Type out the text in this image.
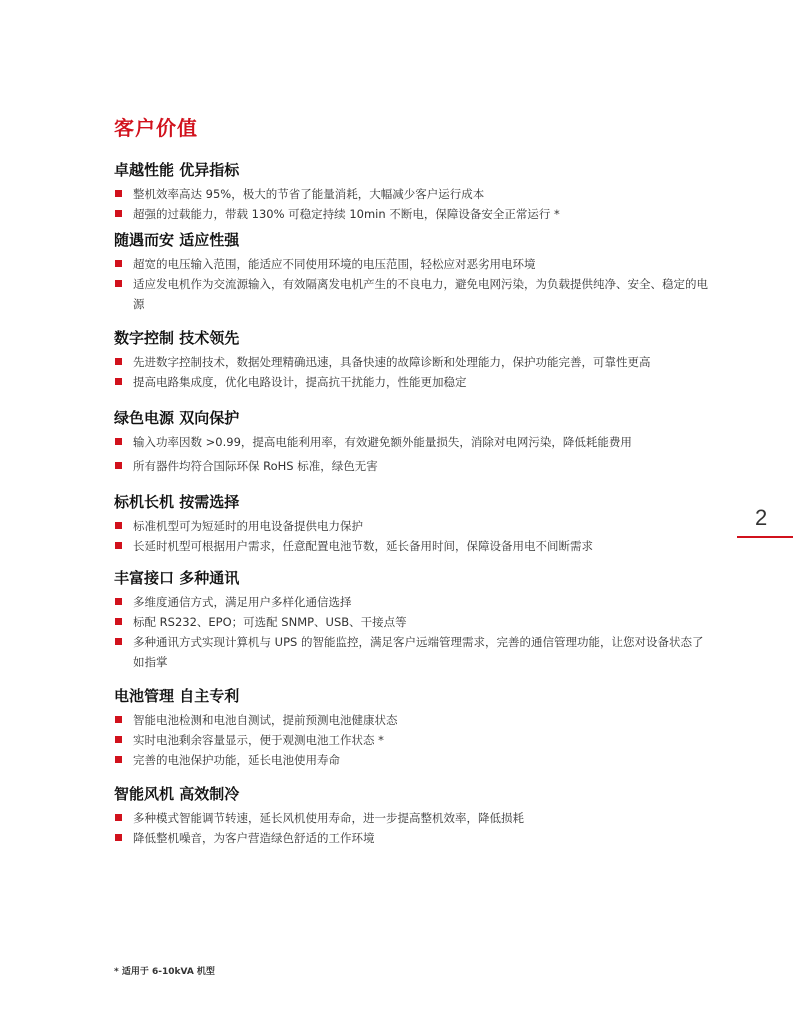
客户价值
卓越性能 优异指标
整机效率高达 95%，极大的节省了能量消耗，大幅减少客户运行成本
超强的过载能力，带载 130% 可稳定持续 10min 不断电，保障设备安全正常运行 *
随遇而安 适应性强
超宽的电压输入范围，能适应不同使用环境的电压范围，轻松应对恶劣用电环境
适应发电机作为交流源输入，有效隔离发电机产生的不良电力，避免电网污染，为负载提供纯净、安全、稳定的电源
数字控制 技术领先
先进数字控制技术，数据处理精确迅速，具备快速的故障诊断和处理能力，保护功能完善，可靠性更高
提高电路集成度，优化电路设计，提高抗干扰能力，性能更加稳定
绿色电源 双向保护
输入功率因数 >0.99，提高电能利用率，有效避免额外能量损失，消除对电网污染，降低耗能费用
所有器件均符合国际环保 RoHS 标准，绿色无害
标机长机 按需选择
标准机型可为短延时的用电设备提供电力保护
长延时机型可根据用户需求，任意配置电池节数，延长备用时间，保障设备用电不间断需求
丰富接口 多种通讯
多维度通信方式，满足用户多样化通信选择
标配 RS232、EPO；可选配 SNMP、USB、干接点等
多种通讯方式实现计算机与 UPS 的智能监控，满足客户远端管理需求，完善的通信管理功能，让您对设备状态了如指掌
电池管理 自主专利
智能电池检测和电池自测试，提前预测电池健康状态
实时电池剩余容量显示，便于观测电池工作状态 *
完善的电池保护功能，延长电池使用寿命
智能风机 高效制冷
多种模式智能调节转速，延长风机使用寿命，进一步提高整机效率，降低损耗
降低整机噪音，为客户营造绿色舒适的工作环境
2
* 适用于 6-10kVA 机型
